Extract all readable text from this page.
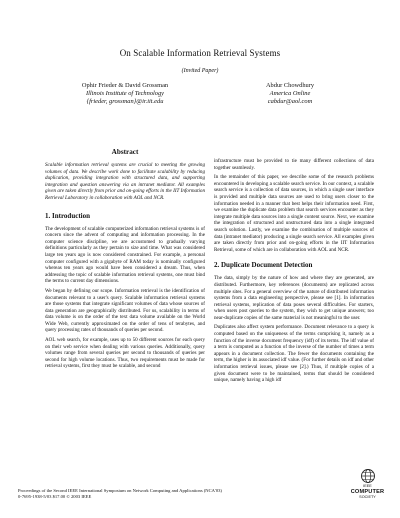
On Scalable Information Retrieval Systems
(Invited Paper)
Ophir Frieder & David Grossman
Illinois Institute of Technology
{frieder, grossman}@ir.iit.edu
Abdur Chowdhury
America Online
cabdur@aol.com
Abstract

Scalable information retrieval systems are crucial to meeting the growing volumes of data. We describe work done to facilitate scalability by reducing duplication, providing integration with structured data, and supporting integration and question answering via an intranet mediator. All examples given are taken directly from prior and on-going efforts in the IIT Information Retrieval Laboratory in collaboration with AOL and NCR.

1. Introduction

The development of scalable computerized information retrieval systems is of concern since the advent of computing and information processing. In the computer science discipline, we are accustomed to gradually varying definitions particularly as they pertain to size and time. What was considered large ten years ago is now considered constrained. For example, a personal computer configured with a gigabyte of RAM today is nominally configured whereas ten years ago would have been considered a dream. Thus, when addressing the topic of scalable information retrieval systems, one must bind the terms to current day dimensions.

We began by defining our scope. Information retrieval is the identification of documents relevant to a user's query. Scalable information retrieval systems are those systems that integrate significant volumes of data whose sources of data generation are geographically distributed. For us, scalability in terms of data volume is on the order of the text data volume available on the World Wide Web, currently approximated on the order of tens of terabytes, and query processing rates of thousands of queries per second.

AOL web search, for example, uses up to 50 different sources for each query on their web service when dealing with various queries. Additionally, query volumes range from several queries per second to thousands of queries per second for high volume locations. Thus, two requirements must be made for retrieval systems, first they must be scalable, and second

infrastructure must be provided to tie many different collections of data together seamlessly.

In the remainder of this paper, we describe some of the research problems encountered in developing a scalable search service. In our context, a scalable search service is a collection of data sources, in which a single user interface is provided and multiple data sources are used to bring users closer to the information needed in a manner that best helps their information need. First, we examine the duplicate data problem that search services encounter as they integrate multiple data sources into a single content source. Next, we examine the integration of structured and unstructured data into a single integrated search solution. Lastly, we examine the combination of multiple sources of data (intranet mediator) producing a single search service. All examples given are taken directly from prior and on-going efforts in the IIT Information Retrieval, some of which are in collaboration with AOL and NCR.

2. Duplicate Document Detection

The data, simply by the nature of how and where they are generated, are distributed. Furthermore, key references (documents) are replicated across multiple sites. For a general overview of the nature of distributed information systems from a data engineering perspective, please see [1]. In information retrieval systems, replication of data poses several difficulties. For starters, when users post queries to the system, they wish to get unique answers; too near-duplicate copies of the same material is not meaningful to the user.

Duplicates also affect system performance. Document relevance to a query is computed based on the uniqueness of the terms comprising it, namely as a function of the inverse document frequency (idf) of its terms. The idf value of a term is computed as a function of the inverse of the number of times a term appears in a document collection. The fewer the documents containing the term, the higher is its associated idf value. (For further details on idf and other information retrieval issues, please see [2].) Thus, if multiple copies of a given document were to be maintained, terms that should be considered unique, namely having a high idf

Proceedings of the Second IEEE International Symposium on Network Computing and Applications (NCA'03)
0-7695-1938-5/03 $17.00 © 2003 IEEE
IEEE
COMPUTER
SOCIETY
